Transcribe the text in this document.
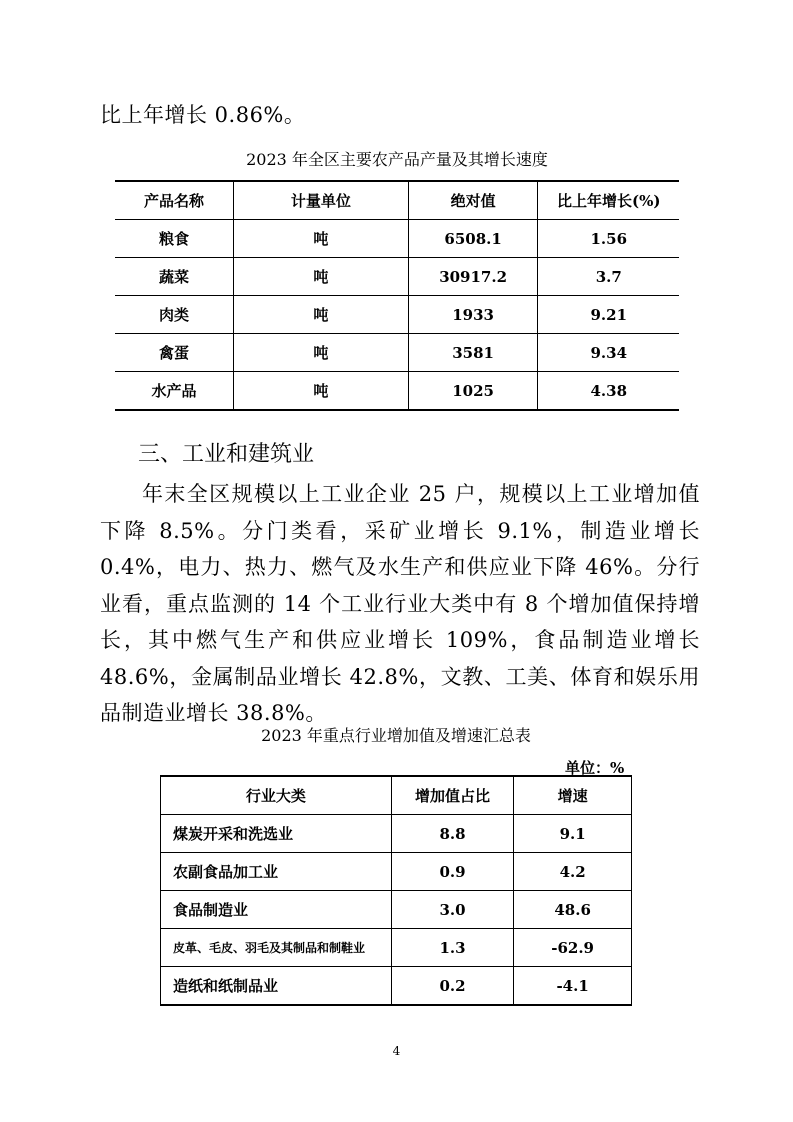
比上年增长 0.86%。

2023 年全区主要农产品产量及其增长速度

产品名称	计量单位	绝对值	比上年增长(%)
粮食	吨	6508.1	1.56
蔬菜	吨	30917.2	3.7
肉类	吨	1933	9.21
禽蛋	吨	3581	9.34
水产品	吨	1025	4.38
三、工业和建筑业

年末全区规模以上工业企业 25 户，规模以上工业增加值下降 8.5%。分门类看，采矿业增长 9.1%，制造业增长 0.4%，电力、热力、燃气及水生产和供应业下降 46%。分行业看，重点监测的 14 个工业行业大类中有 8 个增加值保持增长，其中燃气生产和供应业增长 109%，食品制造业增长 48.6%，金属制品业增长 42.8%，文教、工美、体育和娱乐用品制造业增长 38.8%。

2023 年重点行业增加值及增速汇总表

单位：%
行业大类	增加值占比	增速
煤炭开采和洗选业	8.8	9.1
农副食品加工业	0.9	4.2
食品制造业	3.0	48.6
皮革、毛皮、羽毛及其制品和制鞋业	1.3	-62.9
造纸和纸制品业	0.2	-4.1
4
